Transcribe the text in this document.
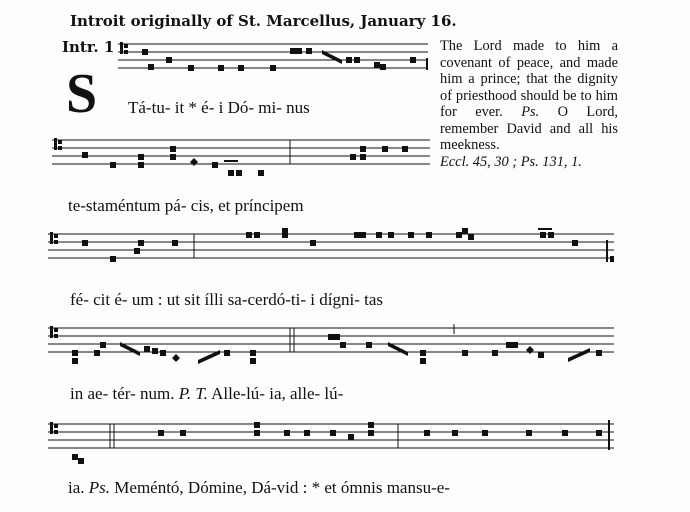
Introit originally of St. Marcellus, January 16.
Intr. 1
S Tá-tu- it * é- i Dó- mi- nus
te-staméntum pá- cis, et príncipem
fé- cit é- um : ut sit ílli sa-cerdó-ti- i dígni- tas
in ae- tér- num. P. T. Alle-lú- ia, alle- lú-
ia. Ps. Meméntó, Dómine, Dá-vid : * et ómnis mansu-e-
The Lord made to him a covenant of peace, and made him a prince; that the dignity of priesthood should be to him for ever. Ps. O Lord, remember David and all his meekness.
Eccl. 45, 30 ; Ps. 131, 1.
